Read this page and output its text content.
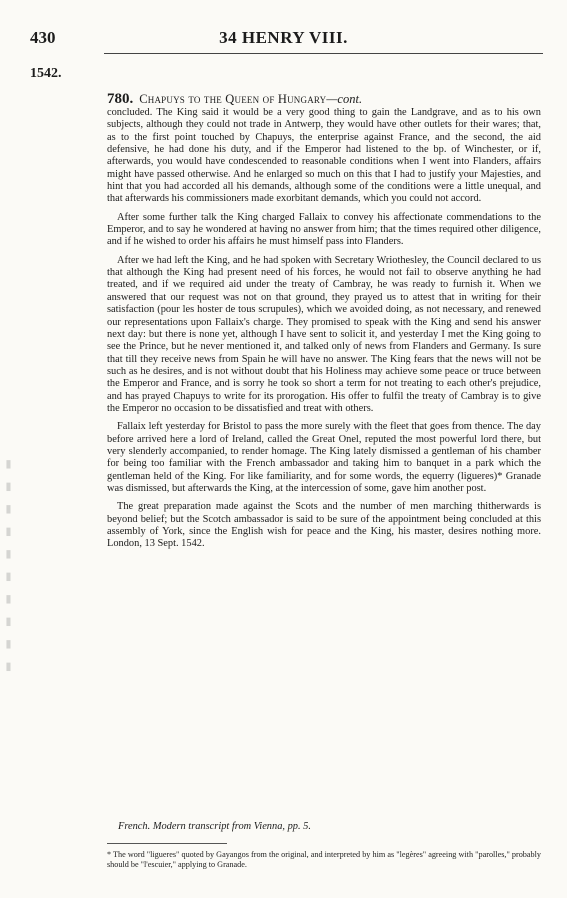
430	34 HENRY VIII.
1542.
780. Chapuys to the Queen of Hungary—cont.

concluded. The King said it would be a very good thing to gain the Landgrave, and as to his own subjects, although they could not trade in Antwerp, they would have other outlets for their wares; that, as to the first point touched by Chapuys, the enterprise against France, and the second, the aid defensive, he had done his duty, and if the Emperor had listened to the bp. of Winchester, or if, afterwards, you would have condescended to reasonable conditions when I went into Flanders, affairs might have passed otherwise. And he enlarged so much on this that I had to justify your Majesties, and hint that you had accorded all his demands, although some of the conditions were a little unequal, and that afterwards his commissioners made exorbitant demands, which you could not accord.

After some further talk the King charged Fallaix to convey his affectionate commendations to the Emperor, and to say he wondered at having no answer from him; that the times required other diligence, and if he wished to order his affairs he must himself pass into Flanders.

After we had left the King, and he had spoken with Secretary Wriothesley, the Council declared to us that although the King had present need of his forces, he would not fail to observe anything he had treated, and if we required aid under the treaty of Cambray, he was ready to furnish it. When we answered that our request was not on that ground, they prayed us to attest that in writing for their satisfaction (pour les hoster de tous scrupules), which we avoided doing, as not necessary, and renewed our representations upon Fallaix's charge. They promised to speak with the King and send his answer next day: but there is none yet, although I have sent to solicit it, and yesterday I met the King going to see the Prince, but he never mentioned it, and talked only of news from Flanders and Germany. Is sure that till they receive news from Spain he will have no answer. The King fears that the news will not be such as he desires, and is not without doubt that his Holiness may achieve some peace or truce between the Emperor and France, and is sorry he took so short a term for not treating to each other's prejudice, and has prayed Chapuys to write for its prorogation. His offer to fulfil the treaty of Cambray is to give the Emperor no occasion to be dissatisfied and treat with others.

Fallaix left yesterday for Bristol to pass the more surely with the fleet that goes from thence. The day before arrived here a lord of Ireland, called the Great Onel, reputed the most powerful lord there, but very slenderly accompanied, to render homage. The King lately dismissed a gentleman of his chamber for being too familiar with the French ambassador and taking him to banquet in a park which the gentleman held of the King. For like familiarity, and for some words, the equerry (ligueres)* Granade was dismissed, but afterwards the King, at the intercession of some, gave him another post.

The great preparation made against the Scots and the number of men marching thitherwards is beyond belief; but the Scotch ambassador is said to be sure of the appointment being concluded at this assembly of York, since the English wish for peace and the King, his master, desires nothing more. London, 13 Sept. 1542.

French. Modern transcript from Vienna, pp. 5.
* The word "ligueres" quoted by Gayangos from the original, and interpreted by him as "legères" agreeing with "parolles," probably should be "l'escuier," applying to Granade.
▮ ▮ ▮ ▮ ▮ ▮ ▮ ▮ ▮ ▮
